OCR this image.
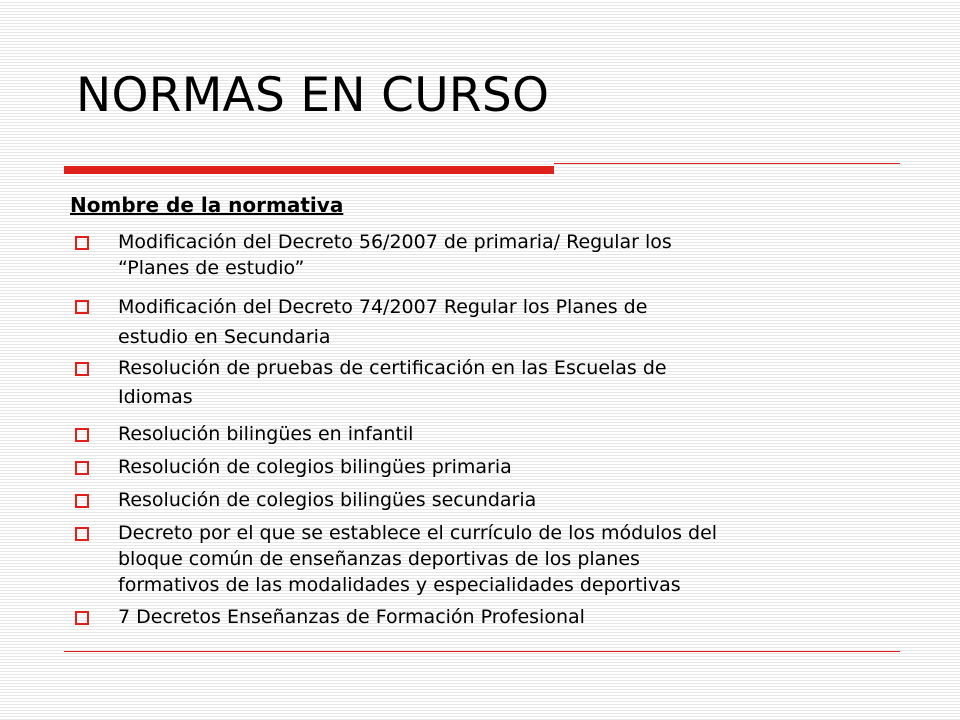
NORMAS EN CURSO
Nombre de la normativa
Modificación del Decreto 56/2007 de primaria/ Regular los
“Planes de estudio”
Modificación del Decreto 74/2007 Regular los Planes de
estudio en Secundaria
Resolución de pruebas de certificación en las Escuelas de
Idiomas
Resolución bilingües en infantil
Resolución de colegios bilingües primaria
Resolución de colegios bilingües secundaria
Decreto por el que se establece el currículo de los módulos del
bloque común de enseñanzas deportivas de los planes
formativos de las modalidades y especialidades deportivas
7 Decretos Enseñanzas de Formación Profesional
